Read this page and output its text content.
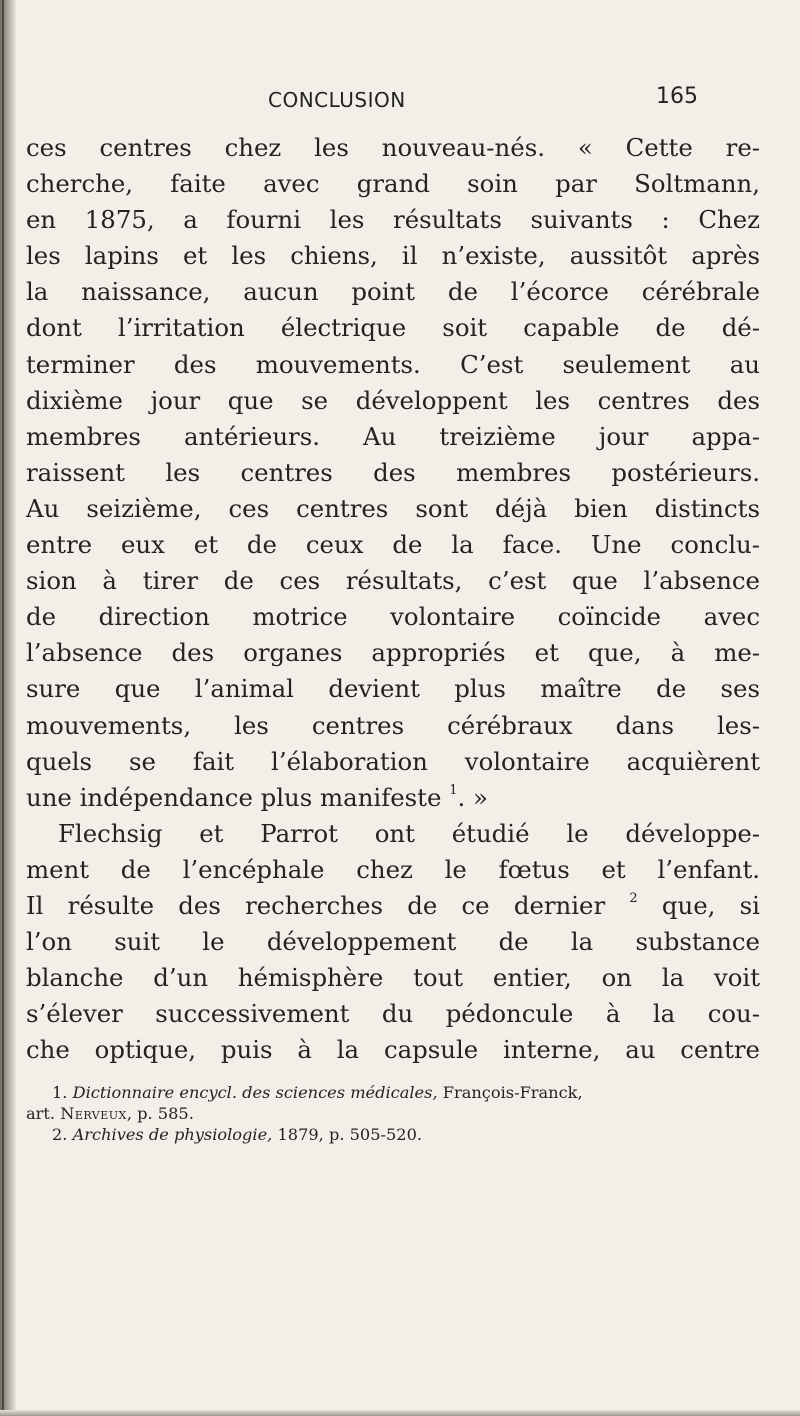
CONCLUSION	165
ces centres chez les nouveau-nés. « Cette re-
cherche, faite avec grand soin par Soltmann,
en 1875, a fourni les résultats suivants : Chez
les lapins et les chiens, il n’existe, aussitôt après
la naissance, aucun point de l’écorce cérébrale
dont l’irritation électrique soit capable de dé-
terminer des mouvements. C’est seulement au
dixième jour que se développent les centres des
membres antérieurs. Au treizième jour appa-
raissent les centres des membres postérieurs.
Au seizième, ces centres sont déjà bien distincts
entre eux et de ceux de la face. Une conclu-
sion à tirer de ces résultats, c’est que l’absence
de direction motrice volontaire coïncide avec
l’absence des organes appropriés et que, à me-
sure que l’animal devient plus maître de ses
mouvements, les centres cérébraux dans les-
quels se fait l’élaboration volontaire acquièrent
une indépendance plus manifeste $^1$. »
Flechsig et Parrot ont étudié le développe-
ment de l’encéphale chez le fœtus et l’enfant.
Il résulte des recherches de ce dernier $^2$ que, si
l’on suit le développement de la substance
blanche d’un hémisphère tout entier, on la voit
s’élever successivement du pédoncule à la cou-
che optique, puis à la capsule interne, au centre
1. Dictionnaire encycl. des sciences médicales, François-Franck,
art. Nerveux, p. 585.
2. Archives de physiologie, 1879, p. 505-520.
